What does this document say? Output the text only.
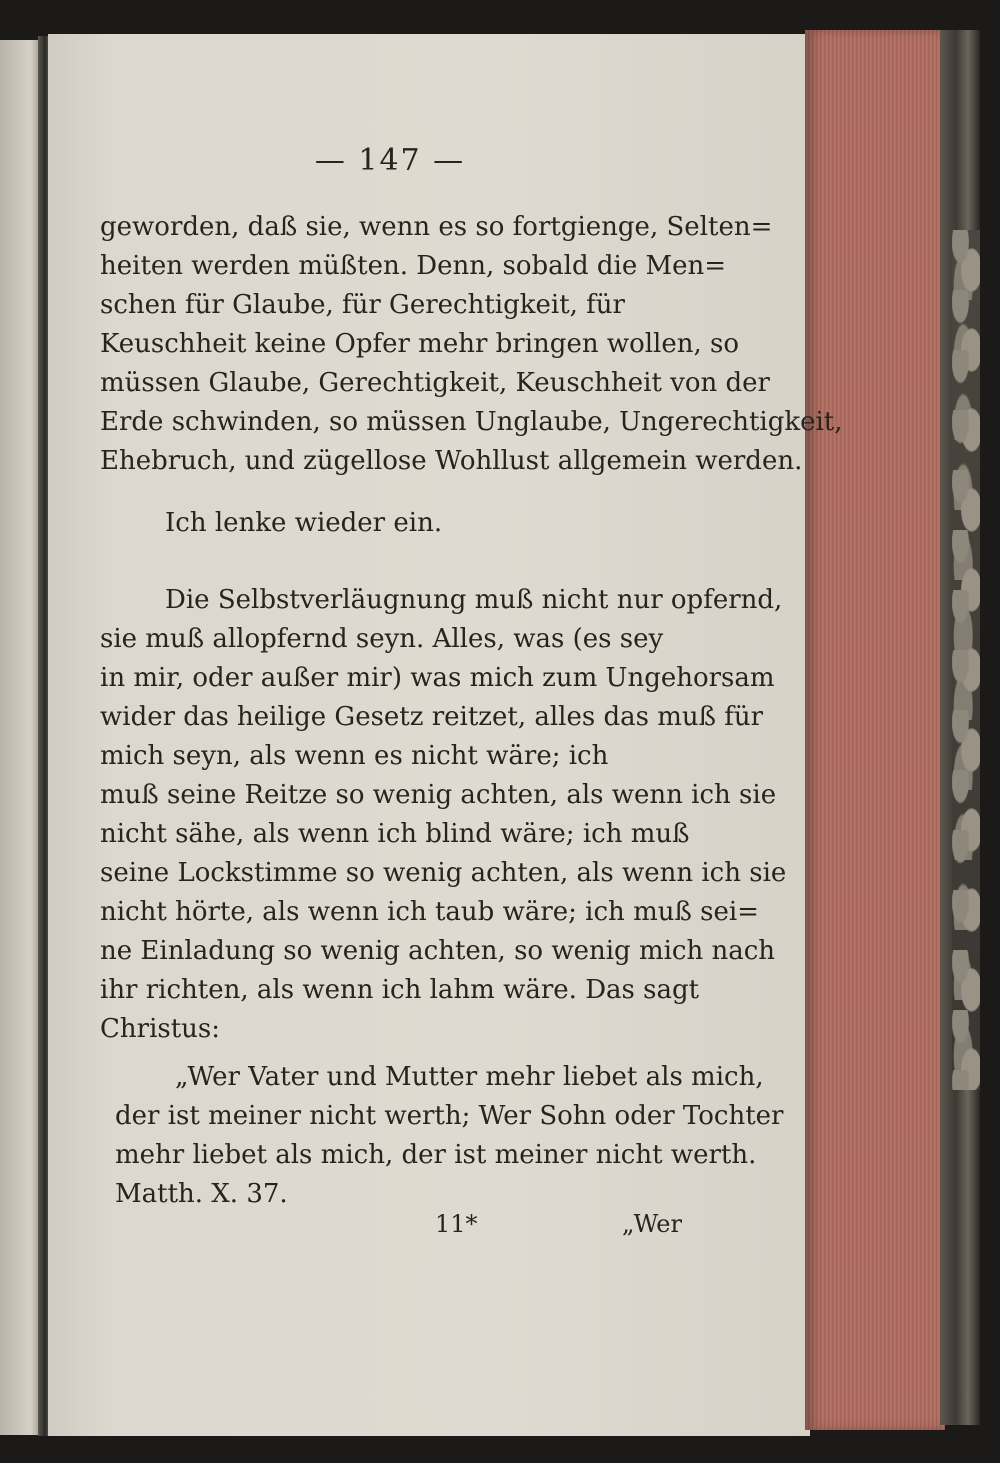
— 147 —
geworden, daß sie, wenn es so fortgienge, Selten=
heiten werden müßten. Denn, sobald die Men=
schen für Glaube, für Gerechtigkeit, für
Keuschheit keine Opfer mehr bringen wollen, so
müssen Glaube, Gerechtigkeit, Keuschheit von der
Erde schwinden, so müssen Unglaube, Ungerechtigkeit,
Ehebruch, und zügellose Wohllust allgemein werden.
Ich lenke wieder ein.
Die Selbstverläugnung muß nicht nur opfernd,
sie muß allopfernd seyn. Alles, was (es sey
in mir, oder außer mir) was mich zum Ungehorsam
wider das heilige Gesetz reitzet, alles das muß für
mich seyn, als wenn es nicht wäre; ich
muß seine Reitze so wenig achten, als wenn ich sie
nicht sähe, als wenn ich blind wäre; ich muß
seine Lockstimme so wenig achten, als wenn ich sie
nicht hörte, als wenn ich taub wäre; ich muß sei=
ne Einladung so wenig achten, so wenig mich nach
ihr richten, als wenn ich lahm wäre. Das sagt
Christus:
„Wer Vater und Mutter mehr liebet als mich,
der ist meiner nicht werth; Wer Sohn oder Tochter
mehr liebet als mich, der ist meiner nicht werth.
Matth. X. 37.
11*	„Wer
